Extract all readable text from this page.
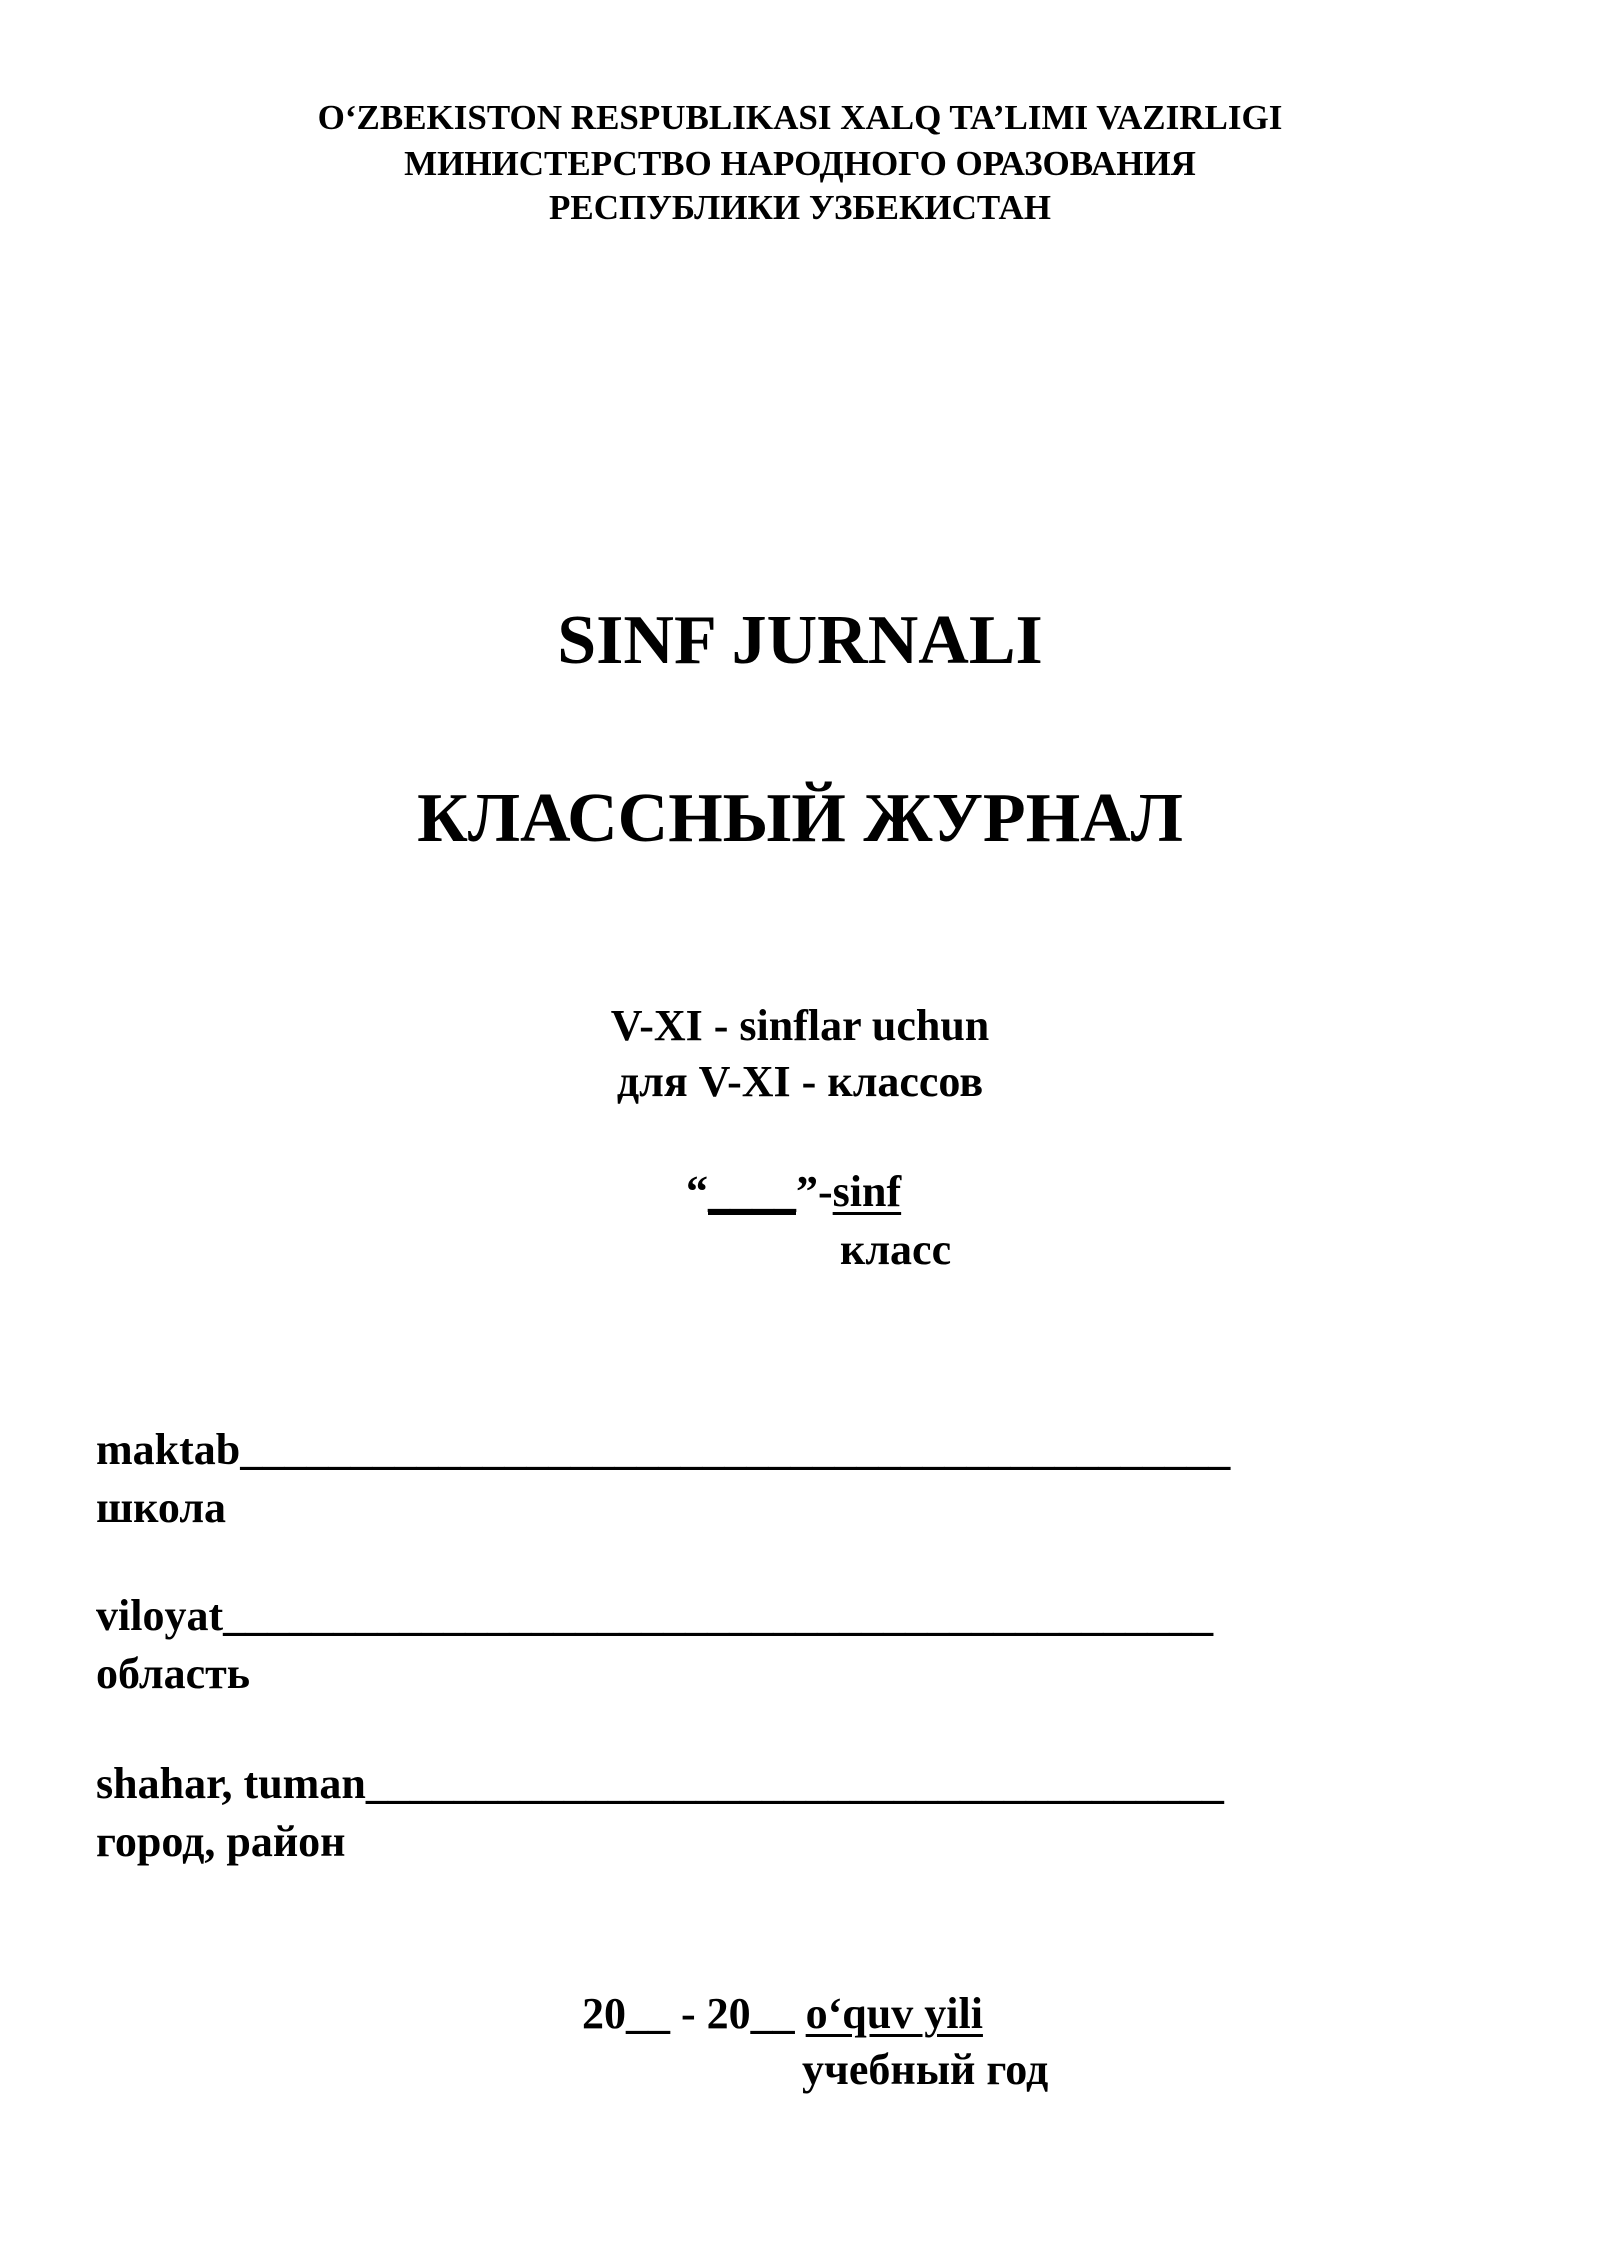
O‘ZBEKISTON RESPUBLIKASI XALQ TA’LIMI VAZIRLIGI
МИНИСТЕРСТВО НАРОДНОГО ОРАЗОВАНИЯ
РЕСПУБЛИКИ УЗБЕКИСТАН
SINF JURNALI
КЛАССНЫЙ ЖУРНАЛ
V-XI - sinflar uchun
для V-XI - классов
“____”-sinf
класс
maktab_____________________________________________
школа
viloyat_____________________________________________
область
shahar, tuman_______________________________________
город, район
20__ - 20__ o‘quv yili
учебный год
